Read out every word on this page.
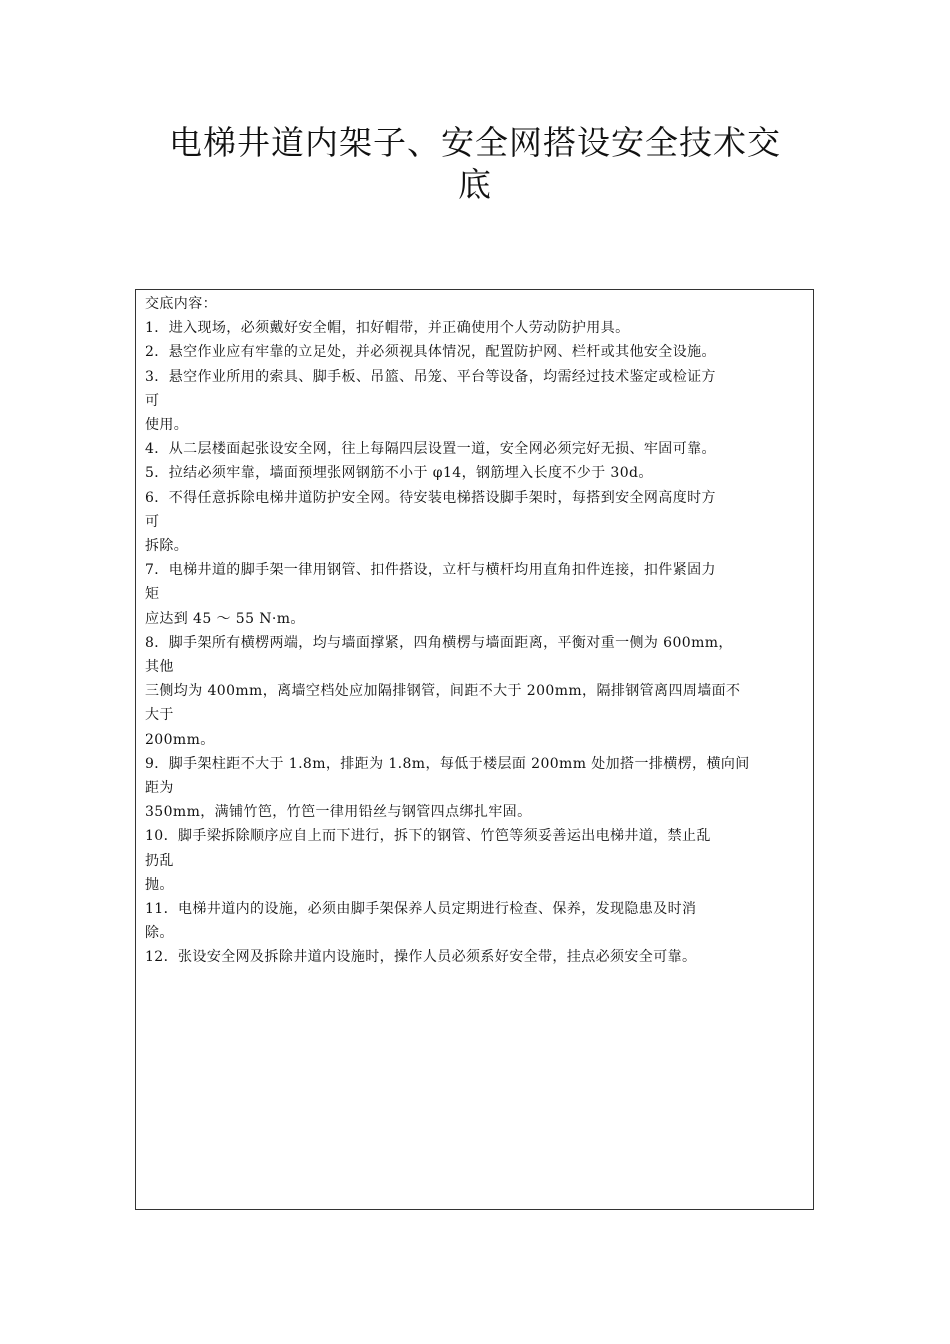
电梯井道内架子、安全网搭设安全技术交
底

交底内容：

1．进入现场，必须戴好安全帽，扣好帽带，并正确使用个人劳动防护用具。

2．悬空作业应有牢靠的立足处，并必须视具体情况，配置防护网、栏杆或其他安全设施。

3．悬空作业所用的索具、脚手板、吊篮、吊笼、平台等设备，均需经过技术鉴定或检证方

可

使用。

4．从二层楼面起张设安全网，往上每隔四层设置一道，安全网必须完好无损、牢固可靠。

5．拉结必须牢靠，墙面预埋张网钢筋不小于 φ14，钢筋埋入长度不少于 30d。

6．不得任意拆除电梯井道防护安全网。待安装电梯搭设脚手架时，每搭到安全网高度时方

可

拆除。

7．电梯井道的脚手架一律用钢管、扣件搭设，立杆与横杆均用直角扣件连接，扣件紧固力

矩

应达到 45 ～ 55 N·m。

8．脚手架所有横楞两端，均与墙面撑紧，四角横楞与墙面距离，平衡对重一侧为 600mm，

其他

三侧均为 400mm，离墙空档处应加隔排钢管，间距不大于 200mm，隔排钢管离四周墙面不

大于

200mm。

9．脚手架柱距不大于 1.8m，排距为 1.8m，每低于楼层面 200mm 处加搭一排横楞，横向间

距为

350mm，满铺竹笆，竹笆一律用铅丝与钢管四点绑扎牢固。

10．脚手梁拆除顺序应自上而下进行，拆下的钢管、竹笆等须妥善运出电梯井道，禁止乱

扔乱

抛。

11．电梯井道内的设施，必须由脚手架保养人员定期进行检查、保养，发现隐患及时消

除。

12．张设安全网及拆除井道内设施时，操作人员必须系好安全带，挂点必须安全可靠。
